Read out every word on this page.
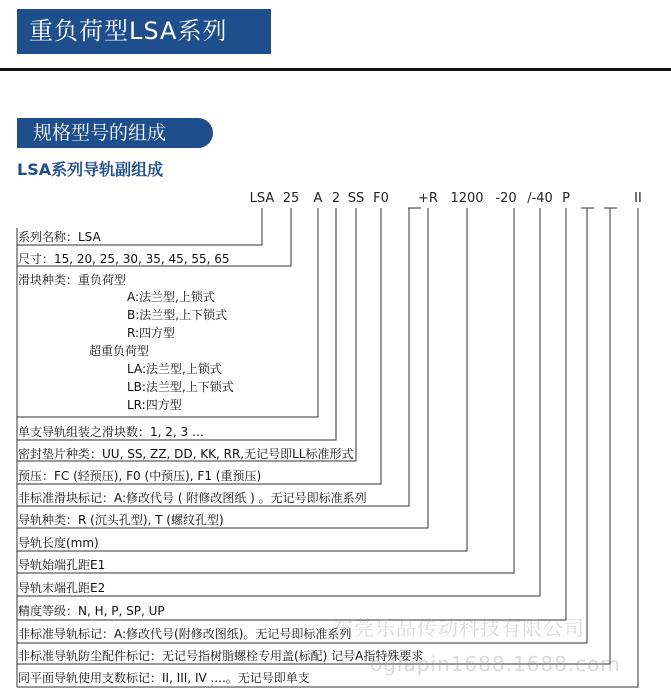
重负荷型LSA系列
规格型号的组成
LSA系列导轨副组成
LSA 25 A 2 SS F0 +R 1200 -20 /-40 P	II
系列名称：LSA
尺寸：15, 20, 25, 30, 35, 45, 55, 65
滑块种类：重负荷型
A:法兰型,上锁式
B:法兰型,上下锁式
R:四方型
超重负荷型
LA:法兰型,上锁式
LB:法兰型,上下锁式
LR:四方型
单支导轨组装之滑块数：1, 2, 3 …
密封垫片种类：UU, SS, ZZ, DD, KK, RR,无记号即LL标准形式
预压：FC (轻预压), F0 (中预压), F1 (重预压)
非标准滑块标记：A:修改代号 ( 附修改图纸 ) 。无记号即标准系列
导轨种类：R (沉头孔型), T (螺纹孔型)
导轨长度(mm)
导轨始端孔距E1
导轨末端孔距E2
精度等级：N, H, P, SP, UP
非标准导轨标记：A:修改代号(附修改图纸)。无记号即标准系列
非标准导轨防尘配件标记：无记号指树脂螺栓专用盖(标配) 记号A指特殊要求
同平面导轨使用支数标记：II, III, IV ....。无记号即单支
东莞乐品传动科技有限公司
oglapin1688.1688.com
